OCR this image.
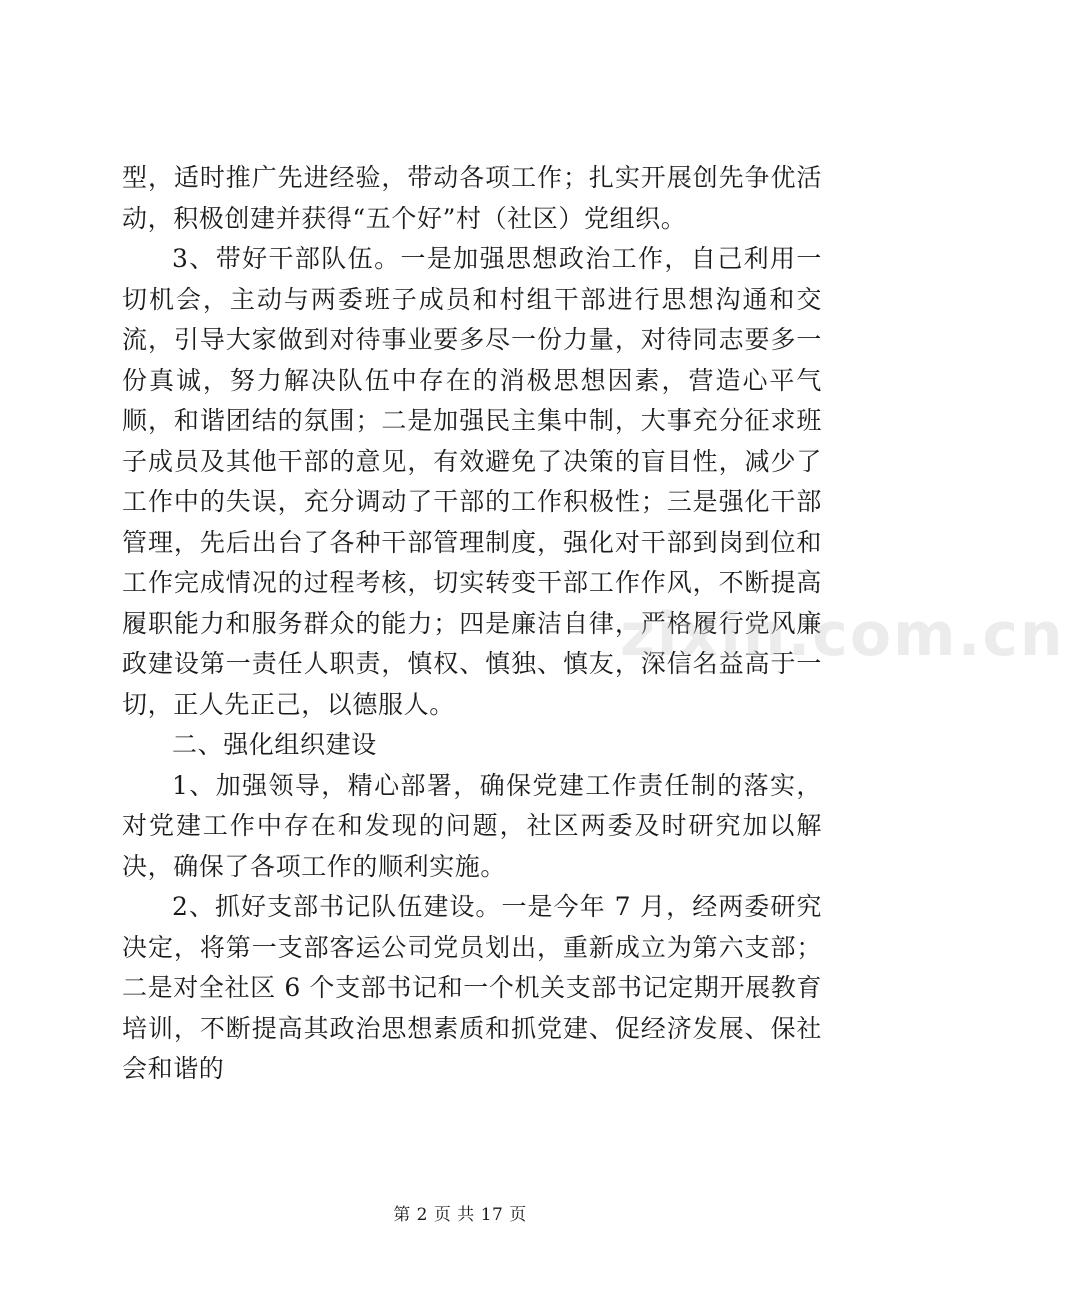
型，适时推广先进经验，带动各项工作；扎实开展创先争优活动，积极创建并获得“五个好”村（社区）党组织。

3、带好干部队伍。一是加强思想政治工作，自己利用一切机会，主动与两委班子成员和村组干部进行思想沟通和交流，引导大家做到对待事业要多尽一份力量，对待同志要多一份真诚，努力解决队伍中存在的消极思想因素，营造心平气顺，和谐团结的氛围；二是加强民主集中制，大事充分征求班子成员及其他干部的意见，有效避免了决策的盲目性，减少了工作中的失误，充分调动了干部的工作积极性；三是强化干部管理，先后出台了各种干部管理制度，强化对干部到岗到位和工作完成情况的过程考核，切实转变干部工作作风，不断提高履职能力和服务群众的能力；四是廉洁自律，严格履行党风廉政建设第一责任人职责，慎权、慎独、慎友，深信名益高于一切，正人先正己，以德服人。

二、强化组织建设

1、加强领导，精心部署，确保党建工作责任制的落实，对党建工作中存在和发现的问题，社区两委及时研究加以解决，确保了各项工作的顺利实施。

2、抓好支部书记队伍建设。一是今年 7 月，经两委研究决定，将第一支部客运公司党员划出，重新成立为第六支部；二是对全社区 6 个支部书记和一个机关支部书记定期开展教育培训，不断提高其政治思想素质和抓党建、促经济发展、保社会和谐的

zixin.com.cn
第 2 页 共 17 页
